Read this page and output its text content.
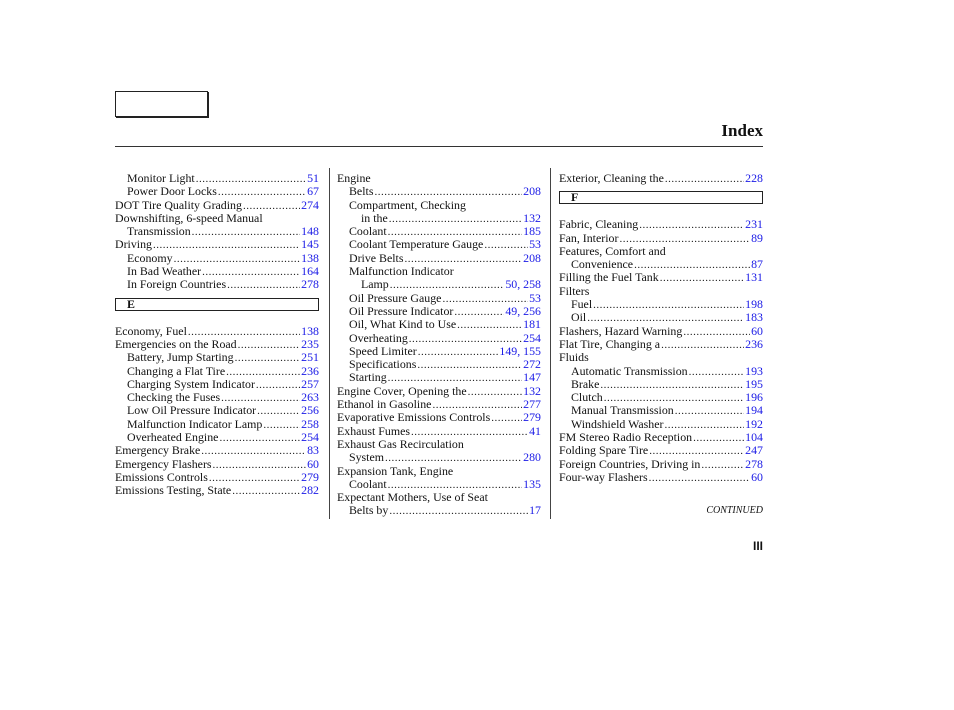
Index
Monitor Light .....	51
Power Door Locks .....	67
DOT Tire Quality Grading .....	274
Downshifting, 6-speed Manual
Transmission .....	148
Driving .....	145
Economy .....	138
In Bad Weather .....	164
In Foreign Countries .....	278
E
Economy, Fuel .....	138
Emergencies on the Road .....	235
Battery, Jump Starting .....	251
Changing a Flat Tire .....	236
Charging System Indicator .....	257
Checking the Fuses .....	263
Low Oil Pressure Indicator .....	256
Malfunction Indicator Lamp .....	258
Overheated Engine .....	254
Emergency Brake .....	83
Emergency Flashers .....	60
Emissions Controls .....	279
Emissions Testing, State .....	282
Engine
Belts .....	208
Compartment, Checking
in the .....	132
Coolant .....	185
Coolant Temperature Gauge .....	53
Drive Belts .....	208
Malfunction Indicator
Lamp .....	50, 258
Oil Pressure Gauge .....	53
Oil Pressure Indicator .....	49, 256
Oil, What Kind to Use .....	181
Overheating .....	254
Speed Limiter .....	149, 155
Specifications .....	272
Starting .....	147
Engine Cover, Opening the .....	132
Ethanol in Gasoline .....	277
Evaporative Emissions Controls .....	279
Exhaust Fumes .....	41
Exhaust Gas Recirculation
System .....	280
Expansion Tank, Engine
Coolant .....	135
Expectant Mothers, Use of Seat
Belts by .....	17
Exterior, Cleaning the .....	228
F
Fabric, Cleaning .....	231
Fan, Interior .....	89
Features, Comfort and
Convenience .....	87
Filling the Fuel Tank .....	131
Filters
Fuel .....	198
Oil .....	183
Flashers, Hazard Warning .....	60
Flat Tire, Changing a .....	236
Fluids
Automatic Transmission .....	193
Brake .....	195
Clutch .....	196
Manual Transmission .....	194
Windshield Washer .....	192
FM Stereo Radio Reception .....	104
Folding Spare Tire .....	247
Foreign Countries, Driving in .....	278
Four-way Flashers .....	60
CONTINUED
III
